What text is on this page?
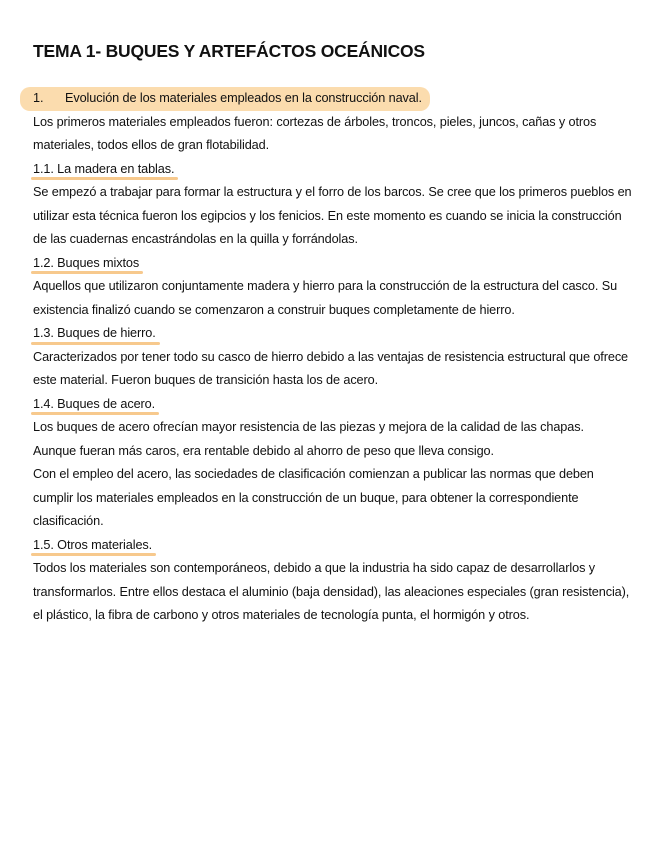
TEMA 1- BUQUES Y ARTEFÁCTOS OCEÁNICOS

1. Evolución de los materiales empleados en la construcción naval.

Los primeros materiales empleados fueron: cortezas de árboles, troncos, pieles, juncos, cañas y otros materiales, todos ellos de gran flotabilidad.

1.1. La madera en tablas.

Se empezó a trabajar para formar la estructura y el forro de los barcos. Se cree que los primeros pueblos en utilizar esta técnica fueron los egipcios y los fenicios. En este momento es cuando se inicia la construcción de las cuadernas encastrándolas en la quilla y forrándolas.

1.2. Buques mixtos

Aquellos que utilizaron conjuntamente madera y hierro para la construcción de la estructura del casco. Su existencia finalizó cuando se comenzaron a construir buques completamente de hierro.

1.3. Buques de hierro.

Caracterizados por tener todo su casco de hierro debido a las ventajas de resistencia estructural que ofrece este material. Fueron buques de transición hasta los de acero.

1.4. Buques de acero.

Los buques de acero ofrecían mayor resistencia de las piezas y mejora de la calidad de las chapas.

Aunque fueran más caros, era rentable debido al ahorro de peso que lleva consigo.

Con el empleo del acero, las sociedades de clasificación comienzan a publicar las normas que deben cumplir los materiales empleados en la construcción de un buque, para obtener la correspondiente clasificación.

1.5. Otros materiales.

Todos los materiales son contemporáneos, debido a que la industria ha sido capaz de desarrollarlos y transformarlos. Entre ellos destaca el aluminio (baja densidad), las aleaciones especiales (gran resistencia), el plástico, la fibra de carbono y otros materiales de tecnología punta, el hormigón y otros.
